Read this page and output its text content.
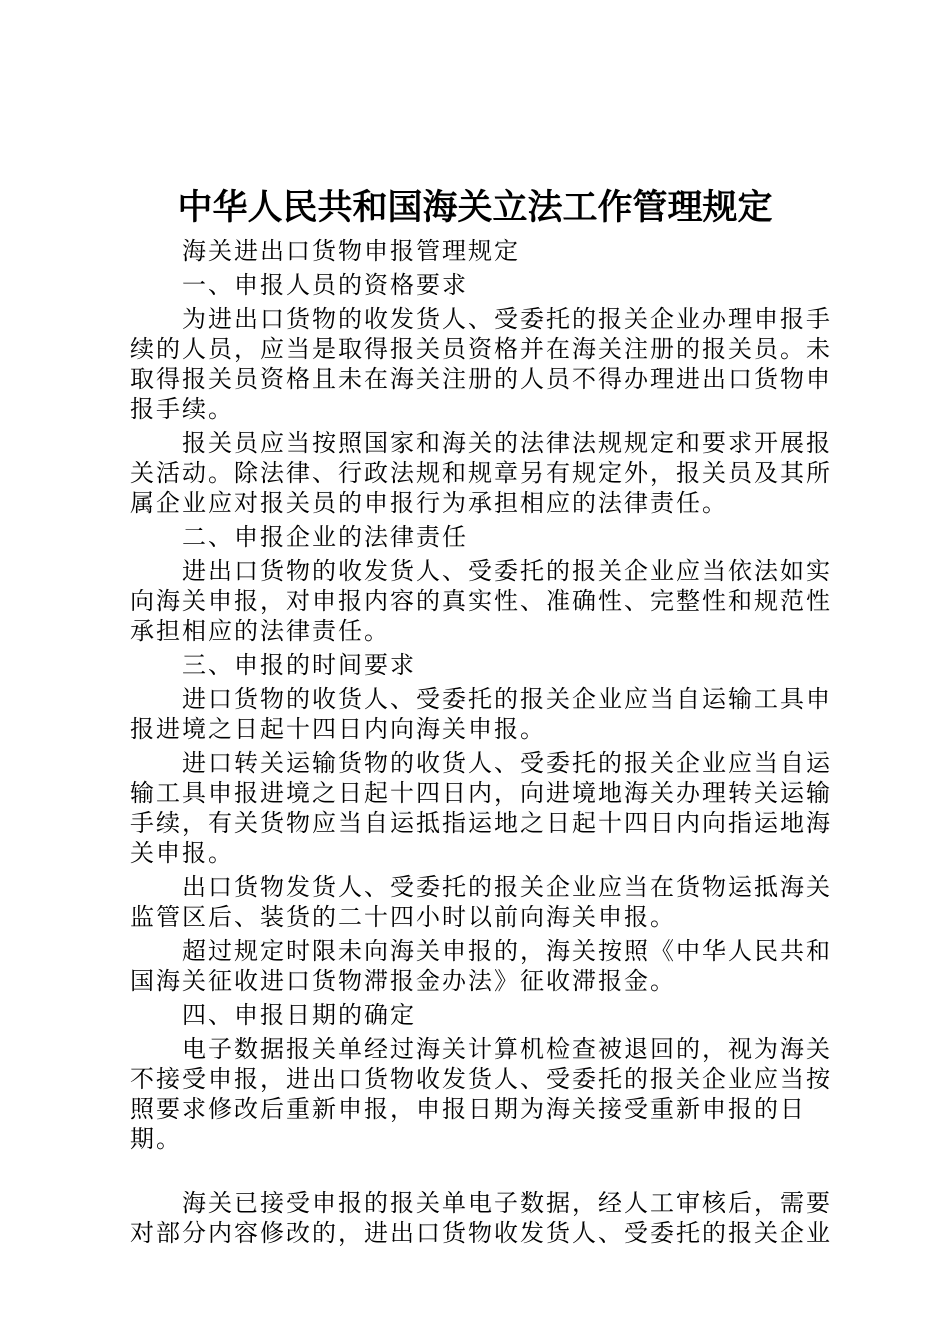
中华人民共和国海关立法工作管理规定

海关进出口货物申报管理规定

一、申报人员的资格要求

为进出口货物的收发货人、受委托的报关企业办理申报手续的人员，应当是取得报关员资格并在海关注册的报关员。未取得报关员资格且未在海关注册的人员不得办理进出口货物申报手续。

报关员应当按照国家和海关的法律法规规定和要求开展报关活动。除法律、行政法规和规章另有规定外，报关员及其所属企业应对报关员的申报行为承担相应的法律责任。

二、申报企业的法律责任

进出口货物的收发货人、受委托的报关企业应当依法如实向海关申报，对申报内容的真实性、准确性、完整性和规范性承担相应的法律责任。

三、申报的时间要求

进口货物的收货人、受委托的报关企业应当自运输工具申报进境之日起十四日内向海关申报。

进口转关运输货物的收货人、受委托的报关企业应当自运输工具申报进境之日起十四日内，向进境地海关办理转关运输手续，有关货物应当自运抵指运地之日起十四日内向指运地海关申报。

出口货物发货人、受委托的报关企业应当在货物运抵海关监管区后、装货的二十四小时以前向海关申报。

超过规定时限未向海关申报的，海关按照《中华人民共和国海关征收进口货物滞报金办法》征收滞报金。

四、申报日期的确定

电子数据报关单经过海关计算机检查被退回的，视为海关不接受申报，进出口货物收发货人、受委托的报关企业应当按照要求修改后重新申报，申报日期为海关接受重新申报的日期。

海关已接受申报的报关单电子数据，经人工审核后，需要对部分内容修改的，进出口货物收发货人、受委托的报关企业
